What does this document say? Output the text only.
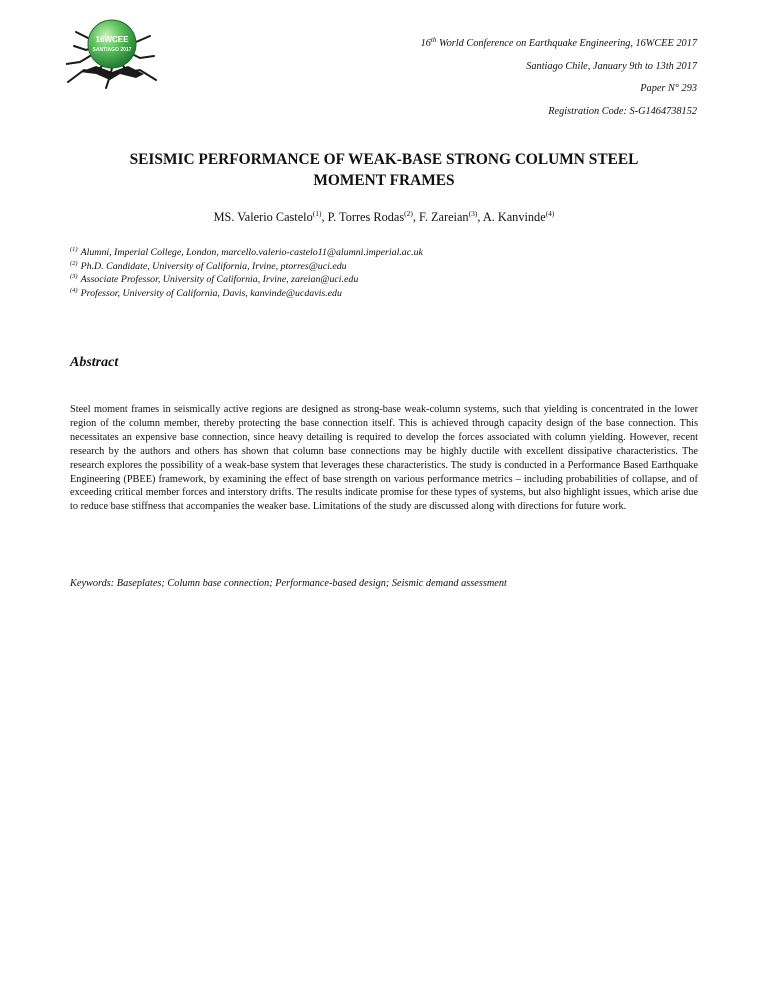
16WCEE
SANTIAGO 2017
16th World Conference on Earthquake Engineering, 16WCEE 2017
Santiago Chile, January 9th to 13th 2017
Paper N° 293
Registration Code: S-G1464738152
SEISMIC PERFORMANCE OF WEAK-BASE STRONG COLUMN STEEL
MOMENT FRAMES
MS. Valerio Castelo$^{(1)}$, P. Torres Rodas$^{(2)}$, F. Zareian$^{(3)}$, A. Kanvinde$^{(4)}$
$^{(1)}$ Alumni, Imperial College, London, marcello.valerio-castelo11@alumni.imperial.ac.uk
$^{(2)}$ Ph.D. Candidate, University of California, Irvine, ptorres@uci.edu
$^{(3)}$ Associate Professor, University of California, Irvine, zareian@uci.edu
$^{(4)}$ Professor, University of California, Davis, kanvinde@ucdavis.edu
Abstract
Steel moment frames in seismically active regions are designed as strong-base weak-column systems, such that yielding is concentrated in the lower region of the column member, thereby protecting the base connection itself. This is achieved through capacity design of the base connection. This necessitates an expensive base connection, since heavy detailing is required to develop the forces associated with column yielding. However, recent research by the authors and others has shown that column base connections may be highly ductile with excellent dissipative characteristics. The research explores the possibility of a weak-base system that leverages these characteristics. The study is conducted in a Performance Based Earthquake Engineering (PBEE) framework, by examining the effect of base strength on various performance metrics – including probabilities of collapse, and of exceeding critical member forces and interstory drifts. The results indicate promise for these types of systems, but also highlight issues, which arise due to reduce base stiffness that accompanies the weaker base. Limitations of the study are discussed along with directions for future work.
Keywords: Baseplates; Column base connection; Performance-based design; Seismic demand assessment
